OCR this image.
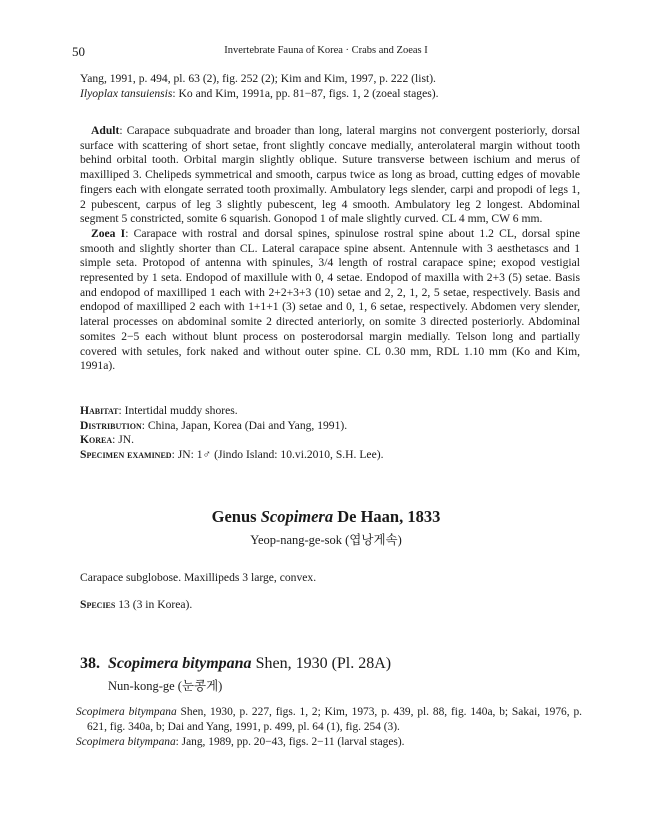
50	Invertebrate Fauna of Korea · Crabs and Zoeas I

Yang, 1991, p. 494, pl. 63 (2), fig. 252 (2); Kim and Kim, 1997, p. 222 (list).

Ilyoplax tansuiensis: Ko and Kim, 1991a, pp. 81−87, figs. 1, 2 (zoeal stages).

Adult: Carapace subquadrate and broader than long, lateral margins not convergent posteriorly, dorsal surface with scattering of short setae, front slightly concave medially, anterolateral margin without tooth behind orbital tooth. Orbital margin slightly oblique. Suture transverse between ischium and merus of maxilliped 3. Chelipeds symmetrical and smooth, carpus twice as long as broad, cutting edges of movable fingers each with elongate serrated tooth proximally. Ambulatory legs slender, carpi and propodi of legs 1, 2 pubescent, carpus of leg 3 slightly pubescent, leg 4 smooth. Ambulatory leg 2 longest. Abdominal segment 5 constricted, somite 6 squarish. Gonopod 1 of male slightly curved. CL 4 mm, CW 6 mm.

Zoea I: Carapace with rostral and dorsal spines, spinulose rostral spine about 1.2 CL, dorsal spine smooth and slightly shorter than CL. Lateral carapace spine absent. Antennule with 3 aesthetascs and 1 simple seta. Protopod of antenna with spinules, 3/4 length of rostral carapace spine; exopod vestigial represented by 1 seta. Endopod of maxillule with 0, 4 setae. Endopod of maxilla with 2+3 (5) setae. Basis and endopod of maxilliped 1 each with 2+2+3+3 (10) setae and 2, 2, 1, 2, 5 setae, respectively. Basis and endopod of maxilliped 2 each with 1+1+1 (3) setae and 0, 1, 6 setae, respectively. Abdomen very slender, lateral processes on abdominal somite 2 directed anteriorly, on somite 3 directed posteriorly. Abdominal somites 2−5 each without blunt process on posterodorsal margin medially. Telson long and partially covered with setules, fork naked and without outer spine. CL 0.30 mm, RDL 1.10 mm (Ko and Kim, 1991a).

Habitat: Intertidal muddy shores.

Distribution: China, Japan, Korea (Dai and Yang, 1991).

Korea: JN.

Specimen examined: JN: 1♂ (Jindo Island: 10.vi.2010, S.H. Lee).

Genus Scopimera De Haan, 1833
Yeop-nang-ge-sok (엽낭게속)

Carapace subglobose. Maxillipeds 3 large, convex.

Species 13 (3 in Korea).

38. Scopimera bitympana Shen, 1930 (Pl. 28A)
Nun-kong-ge (눈콩게)

Scopimera bitympana Shen, 1930, p. 227, figs. 1, 2; Kim, 1973, p. 439, pl. 88, fig. 140a, b; Sakai, 1976, p. 621, fig. 340a, b; Dai and Yang, 1991, p. 499, pl. 64 (1), fig. 254 (3).

Scopimera bitympana: Jang, 1989, pp. 20−43, figs. 2−11 (larval stages).
